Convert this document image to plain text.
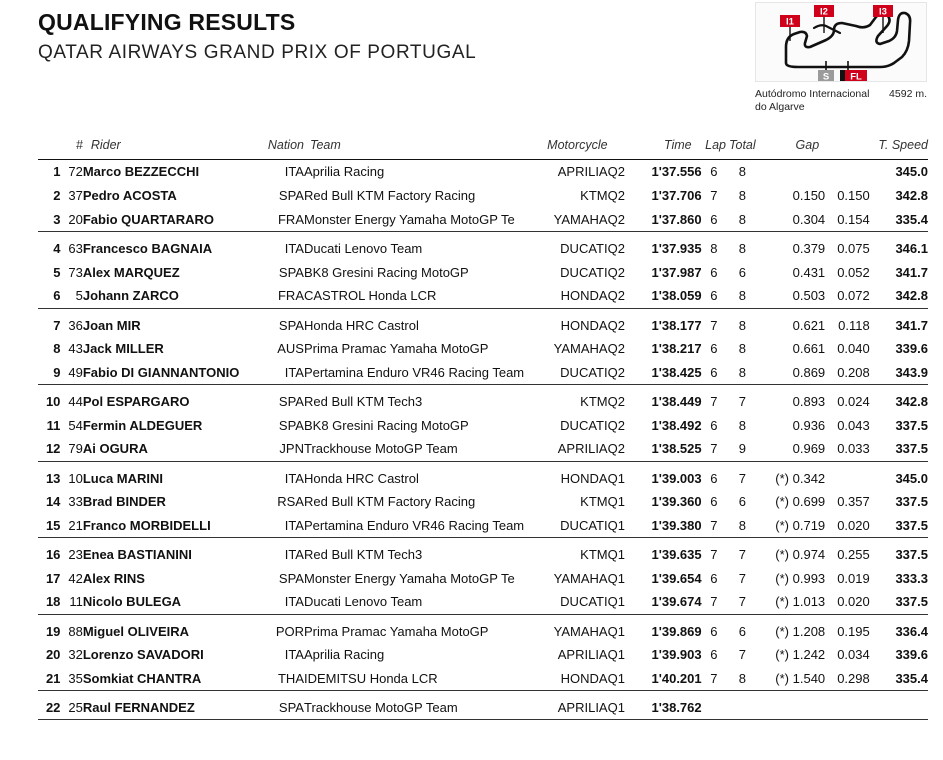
QUALIFYING RESULTS
QATAR AIRWAYS GRAND PRIX OF PORTUGAL
I1
I2	I3
S FL
Autódromo Internacional do Algarve
4592 m.
	#	Rider	Nation	Team	Motorcycle		Time	Lap	Total	Gap		T. Speed
1	72	Marco BEZZECCHI	ITA	Aprilia Racing	APRILIA	Q2	1'37.556	6	8			345.0
2	37	Pedro ACOSTA	SPA	Red Bull KTM Factory Racing	KTM	Q2	1'37.706	7	8	0.150	0.150	342.8
3	20	Fabio QUARTARARO	FRA	Monster Energy Yamaha MotoGP Te	YAMAHA	Q2	1'37.860	6	8	0.304	0.154	335.4
4	63	Francesco BAGNAIA	ITA	Ducati Lenovo Team	DUCATI	Q2	1'37.935	8	8	0.379	0.075	346.1
5	73	Alex MARQUEZ	SPA	BK8 Gresini Racing MotoGP	DUCATI	Q2	1'37.987	6	6	0.431	0.052	341.7
6	5	Johann ZARCO	FRA	CASTROL Honda LCR	HONDA	Q2	1'38.059	6	8	0.503	0.072	342.8
7	36	Joan MIR	SPA	Honda HRC Castrol	HONDA	Q2	1'38.177	7	8	0.621	0.118	341.7
8	43	Jack MILLER	AUS	Prima Pramac Yamaha MotoGP	YAMAHA	Q2	1'38.217	6	8	0.661	0.040	339.6
9	49	Fabio DI GIANNANTONIO	ITA	Pertamina Enduro VR46 Racing Team	DUCATI	Q2	1'38.425	6	8	0.869	0.208	343.9
10	44	Pol ESPARGARO	SPA	Red Bull KTM Tech3	KTM	Q2	1'38.449	7	7	0.893	0.024	342.8
11	54	Fermin ALDEGUER	SPA	BK8 Gresini Racing MotoGP	DUCATI	Q2	1'38.492	6	8	0.936	0.043	337.5
12	79	Ai OGURA	JPN	Trackhouse MotoGP Team	APRILIA	Q2	1'38.525	7	9	0.969	0.033	337.5
13	10	Luca MARINI	ITA	Honda HRC Castrol	HONDA	Q1	1'39.003	6	7	(*) 0.342		345.0
14	33	Brad BINDER	RSA	Red Bull KTM Factory Racing	KTM	Q1	1'39.360	6	6	(*) 0.699	0.357	337.5
15	21	Franco MORBIDELLI	ITA	Pertamina Enduro VR46 Racing Team	DUCATI	Q1	1'39.380	7	8	(*) 0.719	0.020	337.5
16	23	Enea BASTIANINI	ITA	Red Bull KTM Tech3	KTM	Q1	1'39.635	7	7	(*) 0.974	0.255	337.5
17	42	Alex RINS	SPA	Monster Energy Yamaha MotoGP Te	YAMAHA	Q1	1'39.654	6	7	(*) 0.993	0.019	333.3
18	11	Nicolo BULEGA	ITA	Ducati Lenovo Team	DUCATI	Q1	1'39.674	7	7	(*) 1.013	0.020	337.5
19	88	Miguel OLIVEIRA	POR	Prima Pramac Yamaha MotoGP	YAMAHA	Q1	1'39.869	6	6	(*) 1.208	0.195	336.4
20	32	Lorenzo SAVADORI	ITA	Aprilia Racing	APRILIA	Q1	1'39.903	6	7	(*) 1.242	0.034	339.6
21	35	Somkiat CHANTRA	THA	IDEMITSU Honda LCR	HONDA	Q1	1'40.201	7	8	(*) 1.540	0.298	335.4
22	25	Raul FERNANDEZ	SPA	Trackhouse MotoGP Team	APRILIA	Q1	1'38.762					
